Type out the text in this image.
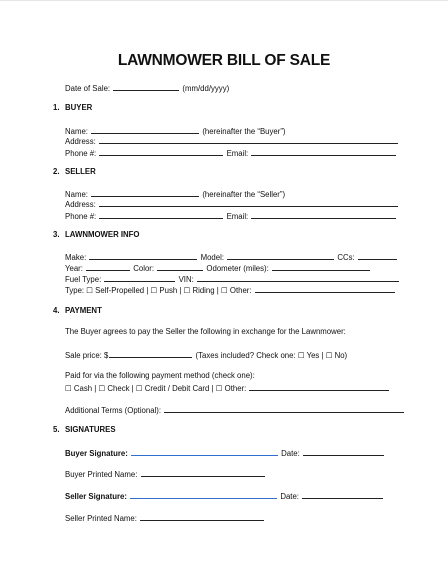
LAWNMOWER BILL OF SALE
Date of Sale:	(mm/dd/yyyy)
1. BUYER
Name:	(hereinafter the “Buyer”)
Address:
Phone #:	Email:
2. SELLER
Name:	(hereinafter the “Seller”)
Address:
Phone #:	Email:
3. LAWNMOWER INFO
Make:	Model:	CCs:
Year:	Color:	Odometer (miles):
Fuel Type:	VIN:
Type: ☐ Self-Propelled | ☐ Push | ☐ Riding | ☐ Other:
4. PAYMENT
The Buyer agrees to pay the Seller the following in exchange for the Lawnmower:
Sale price: $	(Taxes included? Check one: ☐ Yes | ☐ No)
Paid for via the following payment method (check one):
☐ Cash | ☐ Check | ☐ Credit / Debit Card | ☐ Other:
Additional Terms (Optional):
5. SIGNATURES
Buyer Signature:	Date:
Buyer Printed Name:
Seller Signature:	Date:
Seller Printed Name:
